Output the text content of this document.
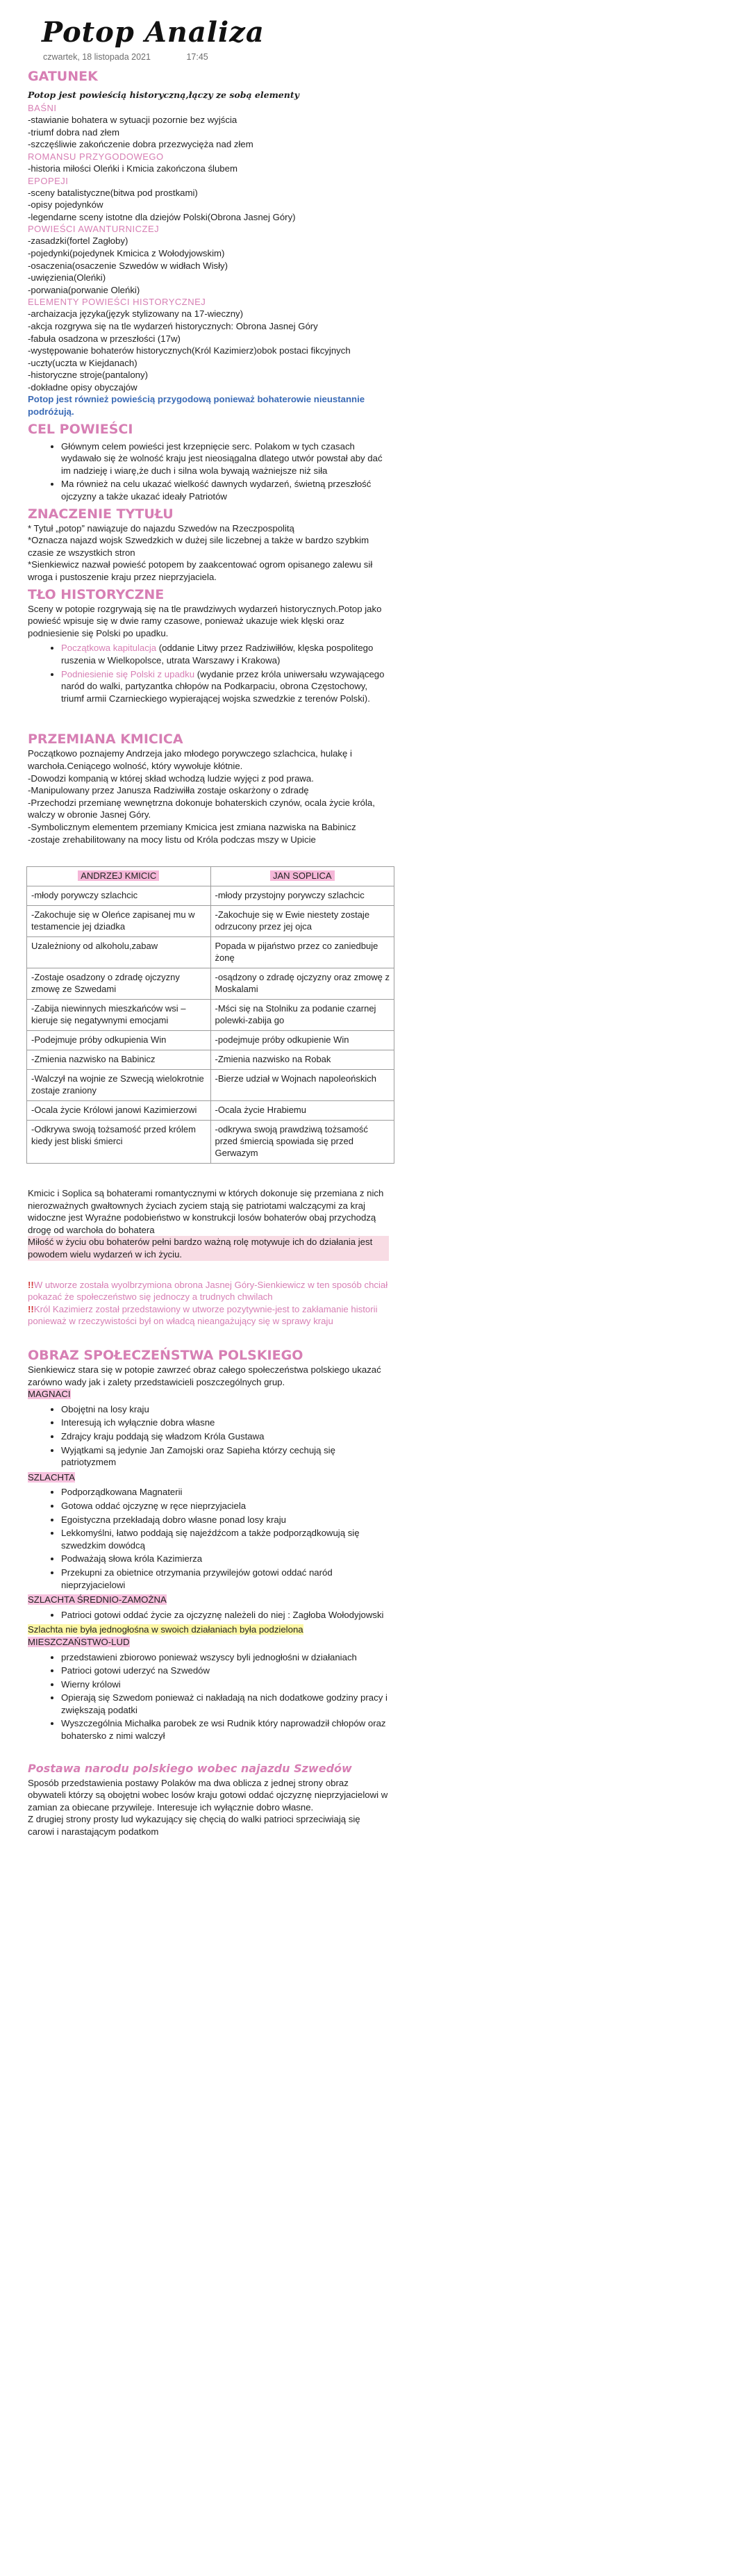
Potop Analiza
czwartek, 18 listopada 2021	17:45
GATUNEK
Potop jest powieścią historyczną,łączy ze sobą elementy
BAŚNI

-stawianie bohatera w sytuacji pozornie bez wyjścia

-triumf dobra nad złem

-szczęśliwie zakończenie dobra przezwycięża nad złem

ROMANSU PRZYGODOWEGO

-historia miłości Oleńki i Kmicia zakończona ślubem

EPOPEJI

-sceny batalistyczne(bitwa pod prostkami)

-opisy pojedynków

-legendarne sceny istotne dla dziejów Polski(Obrona Jasnej Góry)

POWIEŚCI AWANTURNICZEJ

-zasadzki(fortel Zagłoby)

-pojedynki(pojedynek Kmicica z Wołodyjowskim)

-osaczenia(osaczenie Szwedów w widłach Wisły)

-uwięzienia(Oleńki)

-porwania(porwanie Oleńki)

ELEMENTY POWIEŚCI HISTORYCZNEJ

-archaizacja języka(język stylizowany na 17-wieczny)

-akcja rozgrywa się na tle wydarzeń historycznych: Obrona Jasnej Góry

-fabuła osadzona w przeszłości (17w)

-występowanie bohaterów historycznych(Król Kazimierz)obok postaci fikcyjnych

-uczty(uczta w Kiejdanach)

-historyczne stroje(pantalony)

-dokładne opisy obyczajów

Potop jest również powieścią przygodową ponieważ bohaterowie nieustannie podróżują.

CEL POWIEŚCI
• Głównym celem powieści jest krzepnięcie serc. Polakom w tych czasach wydawało się że wolność kraju jest nieosiągalna dlatego utwór powstał aby dać im nadzieję i wiarę,że duch i silna wola bywają ważniejsze niż siła
• Ma również na celu ukazać wielkość dawnych wydarzeń, świetną przeszłość ojczyzny a także ukazać ideały Patriotów
ZNACZENIE TYTUŁU

* Tytuł „potop” nawiązuje do najazdu Szwedów na Rzeczpospolitą

*Oznacza najazd wojsk Szwedzkich w dużej sile liczebnej a także w bardzo szybkim czasie ze wszystkich stron

*Sienkiewicz nazwał powieść potopem by zaakcentować ogrom opisanego zalewu sił wroga i pustoszenie kraju przez nieprzyjaciela.

TŁO HISTORYCZNE

Sceny w potopie rozgrywają się na tle prawdziwych wydarzeń historycznych.Potop jako powieść wpisuje się w dwie ramy czasowe, ponieważ ukazuje wiek klęski oraz podniesienie się Polski po upadku.

• Początkowa kapitulacja (oddanie Litwy przez Radziwiłłów, klęska pospolitego ruszenia w Wielkopolsce, utrata Warszawy i Krakowa)
• Podniesienie się Polski z upadku (wydanie przez króla uniwersału wzywającego naród do walki, partyzantka chłopów na Podkarpaciu, obrona Częstochowy, triumf armii Czarnieckiego wypierającej wojska szwedzkie z terenów Polski).
PRZEMIANA KMICICA

Początkowo poznajemy Andrzeja jako młodego porywczego szlachcica, hulakę i warchoła.Ceniącego wolność, który wywołuje kłótnie.

-Dowodzi kompanią w której skład wchodzą ludzie wyjęci z pod prawa.

-Manipulowany przez Janusza Radziwiłła zostaje oskarżony o zdradę

-Przechodzi przemianę wewnętrzna dokonuje bohaterskich czynów, ocala życie króla, walczy w obronie Jasnej Góry.

-Symbolicznym elementem przemiany Kmicica jest zmiana nazwiska na Babinicz

-zostaje zrehabilitowany na mocy listu od Króla podczas mszy w Upicie

ANDRZEJ KMICIC	JAN SOPLICA
-młody porywczy szlachcic	-młody przystojny porywczy szlachcic
-Zakochuje się w Oleńce zapisanej mu w testamencie jej dziadka	-Zakochuje się w Ewie niestety zostaje odrzucony przez jej ojca
Uzależniony od alkoholu,zabaw	Popada w pijaństwo przez co zaniedbuje żonę
-Zostaje osadzony o zdradę ojczyzny zmowę ze Szwedami	-osądzony o zdradę ojczyzny oraz zmowę z Moskalami
-Zabija niewinnych mieszkańców wsi – kieruje się negatywnymi emocjami	-Mści się na Stolniku za podanie czarnej polewki-zabija go
-Podejmuje próby odkupienia Win	-podejmuje próby odkupienie Win
-Zmienia nazwisko na Babinicz	-Zmienia nazwisko na Robak
-Walczył na wojnie ze Szwecją wielokrotnie zostaje zraniony	-Bierze udział w Wojnach napoleońskich
-Ocala życie Królowi janowi Kazimierzowi	-Ocala życie Hrabiemu
-Odkrywa swoją tożsamość przed królem kiedy jest bliski śmierci	-odkrywa swoją prawdziwą tożsamość przed śmiercią spowiada się przed Gerwazym

Kmicic i Soplica są bohaterami romantycznymi w których dokonuje się przemiana z nich nierozważnych gwałtownych życiach zyciem stają się patriotami walczącymi za kraj widoczne jest Wyraźne podobieństwo w konstrukcji losów bohaterów obaj przychodzą drogę od warchoła do bohatera

Miłość w życiu obu bohaterów pełni bardzo ważną rolę motywuje ich do działania jest powodem wielu wydarzeń w ich życiu.

!!W utworze została wyolbrzymiona obrona Jasnej Góry-Sienkiewicz w ten sposób chciał pokazać że społeczeństwo się jednoczy a trudnych chwilach

!!Król Kazimierz został przedstawiony w utworze pozytywnie-jest to zakłamanie historii ponieważ w rzeczywistości był on władcą nieangażujący się w sprawy kraju

OBRAZ SPOŁECZEŃSTWA POLSKIEGO

Sienkiewicz stara się w potopie zawrzeć obraz całego społeczeństwa polskiego ukazać zarówno wady jak i zalety przedstawicieli poszczególnych grup.

MAGNACI
• Obojętni na losy kraju
• Interesują ich wyłącznie dobra własne
• Zdrajcy kraju poddają się władzom Króla Gustawa
• Wyjątkami są jedynie Jan Zamojski oraz Sapieha którzy cechują się patriotyzmem
SZLACHTA
• Podporządkowana Magnaterii
• Gotowa oddać ojczyznę w ręce nieprzyjaciela
• Egoistyczna przekładają dobro własne ponad losy kraju
• Lekkomyślni, łatwo poddają się najeźdźcom a także podporządkowują się szwedzkim dowódcą
• Podważają słowa króla Kazimierza
• Przekupni za obietnice otrzymania przywilejów gotowi oddać naród nieprzyjacielowi
SZLACHTA ŚREDNIO-ZAMOŻNA
• Patrioci gotowi oddać życie za ojczyznę należeli do niej : Zagłoba Wołodyjowski
Szlachta nie była jednogłośna w swoich działaniach była podzielona
MIESZCZAŃSTWO-LUD
• przedstawieni zbiorowo ponieważ wszyscy byli jednogłośni w działaniach
• Patrioci gotowi uderzyć na Szwedów
• Wierny królowi
• Opierają się Szwedom ponieważ ci nakładają na nich dodatkowe godziny pracy i zwiększają podatki
• Wyszczególnia Michałka parobek ze wsi Rudnik który naprowadził chłopów oraz bohatersko z nimi walczył
Postawa narodu polskiego wobec najazdu Szwedów

Sposób przedstawienia postawy Polaków ma dwa oblicza z jednej strony obraz obywateli którzy są obojętni wobec losów kraju gotowi oddać ojczyznę nieprzyjacielowi w zamian za obiecane przywileje. Interesuje ich wyłącznie dobro własne.

Z drugiej strony prosty lud wykazujący się chęcią do walki patrioci sprzeciwiają się carowi i narastającym podatkom
